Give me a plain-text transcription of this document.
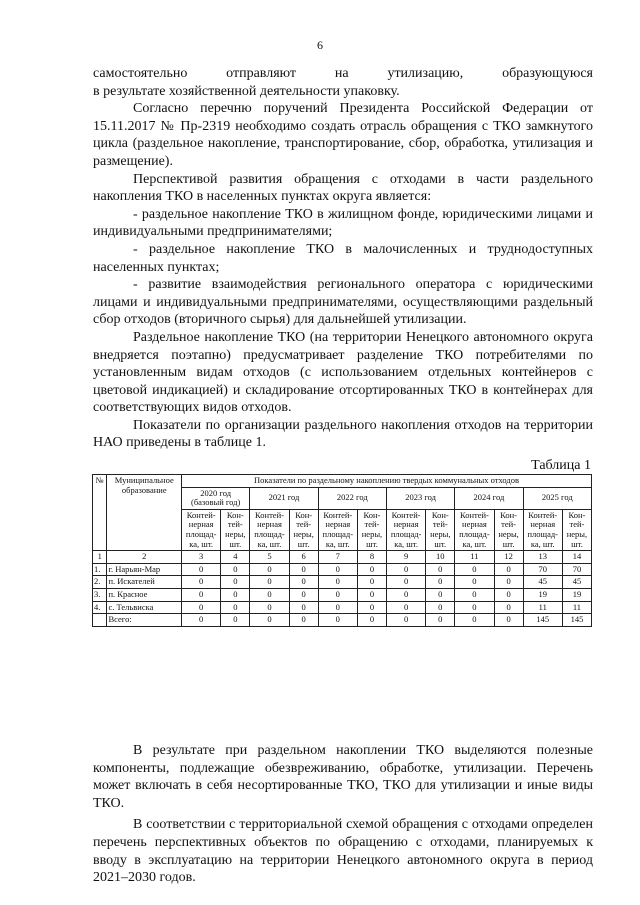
6

самостоятельно отправляют на утилизацию, образующуюся

в результате хозяйственной деятельности упаковку.

Согласно перечню поручений Президента Российской Федерации от 15.11.2017 № Пр-2319 необходимо создать отрасль обращения с ТКО замкнутого цикла (раздельное накопление, транспортирование, сбор, обработка, утилизация и размещение).

Перспективой развития обращения с отходами в части раздельного накопления ТКО в населенных пунктах округа является:

- раздельное накопление ТКО в жилищном фонде, юридическими лицами и индивидуальными предпринимателями;

- раздельное накопление ТКО в малочисленных и труднодоступных населенных пунктах;

- развитие взаимодействия регионального оператора с юридическими лицами и индивидуальными предпринимателями, осуществляющими раздельный сбор отходов (вторичного сырья) для дальнейшей утилизации.

Раздельное накопление ТКО (на территории Ненецкого автономного округа внедряется поэтапно) предусматривает разделение ТКО потребителями по установленным видам отходов (с использованием отдельных контейнеров с цветовой индикацией) и складирование отсортированных ТКО в контейнерах для соответствующих видов отходов.

Показатели по организации раздельного накопления отходов на территории НАО приведены в таблице 1.

Таблица 1
№	Муниципальное образование	Показатели по раздельному накоплению твердых коммунальных отходов											
		2020 год (базовый год)		2021 год		2022 год		2023 год		2024 год		2025 год	
		Контей-нерная площад-ка, шт.	Кон-тей-неры, шт.	Контей-нерная площад-ка, шт.	Кон-тей-неры, шт.	Контей-нерная площад-ка, шт.	Кон-тей-неры, шт.	Контей-нерная площад-ка, шт.	Кон-тей-неры, шт.	Контей-нерная площад-ка, шт.	Кон-тей-неры, шт.	Контей-нерная площад-ка, шт.	Кон-тей-неры, шт.
1	2	3	4	5	6	7	8	9	10	11	12	13	14
1.	г. Нарьян-Мар	0	0	0	0	0	0	0	0	0	0	70	70
2.	п. Искателей	0	0	0	0	0	0	0	0	0	0	45	45
3.	п. Красное	0	0	0	0	0	0	0	0	0	0	19	19
4.	с. Тельвиска	0	0	0	0	0	0	0	0	0	0	11	11
	Всего:	0	0	0	0	0	0	0	0	0	0	145	145

В результате при раздельном накоплении ТКО выделяются полезные компоненты, подлежащие обезвреживанию, обработке, утилизации. Перечень может включать в себя несортированные ТКО, ТКО для утилизации и иные виды ТКО.

В соответствии с территориальной схемой обращения с отходами определен перечень перспективных объектов по обращению с отходами, планируемых к вводу в эксплуатацию на территории Ненецкого автономного округа в период 2021–2030 годов.
